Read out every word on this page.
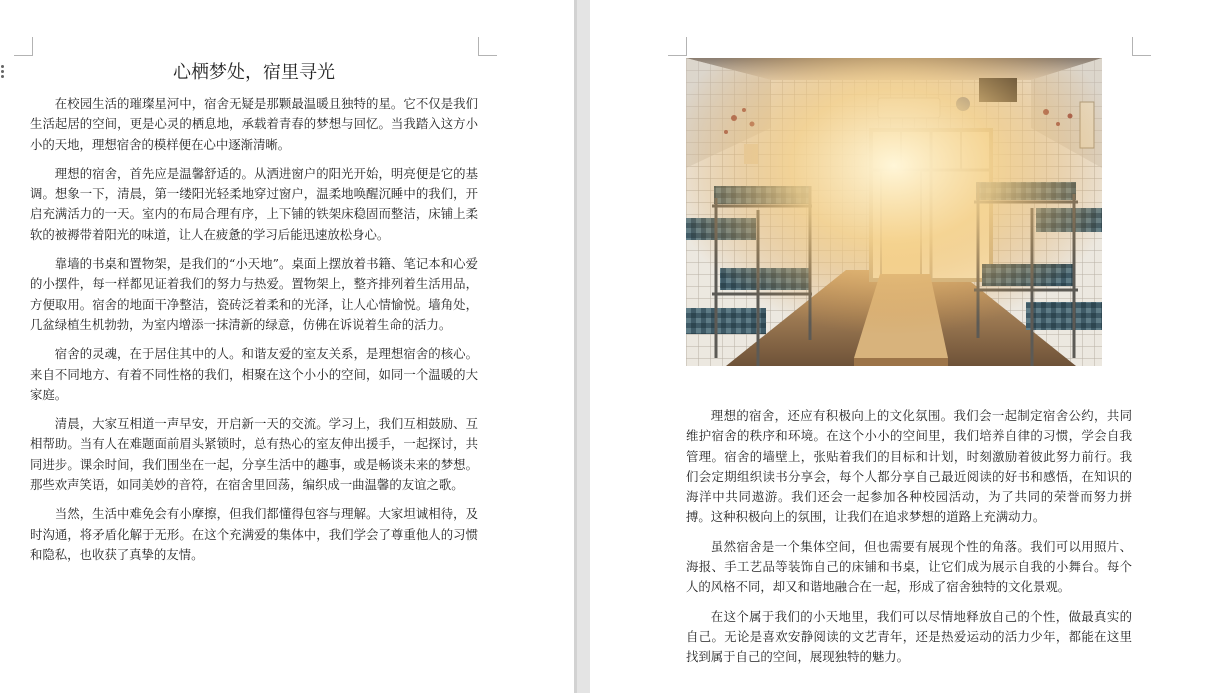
心栖梦处，宿里寻光

在校园生活的璀璨星河中，宿舍无疑是那颗最温暖且独特的星。它不仅是我们生活起居的空间，更是心灵的栖息地，承载着青春的梦想与回忆。当我踏入这方小小的天地，理想宿舍的模样便在心中逐渐清晰。

理想的宿舍，首先应是温馨舒适的。从洒进窗户的阳光开始，明亮便是它的基调。想象一下，清晨，第一缕阳光轻柔地穿过窗户，温柔地唤醒沉睡中的我们，开启充满活力的一天。室内的布局合理有序，上下铺的铁架床稳固而整洁，床铺上柔软的被褥带着阳光的味道，让人在疲惫的学习后能迅速放松身心。

靠墙的书桌和置物架，是我们的“小天地”。桌面上摆放着书籍、笔记本和心爱的小摆件，每一样都见证着我们的努力与热爱。置物架上，整齐排列着生活用品，方便取用。宿舍的地面干净整洁，瓷砖泛着柔和的光泽，让人心情愉悦。墙角处，几盆绿植生机勃勃，为室内增添一抹清新的绿意，仿佛在诉说着生命的活力。

宿舍的灵魂，在于居住其中的人。和谐友爱的室友关系，是理想宿舍的核心。来自不同地方、有着不同性格的我们，相聚在这个小小的空间，如同一个温暖的大家庭。

清晨，大家互相道一声早安，开启新一天的交流。学习上，我们互相鼓励、互相帮助。当有人在难题面前眉头紧锁时，总有热心的室友伸出援手，一起探讨，共同进步。课余时间，我们围坐在一起，分享生活中的趣事，或是畅谈未来的梦想。那些欢声笑语，如同美妙的音符，在宿舍里回荡，编织成一曲温馨的友谊之歌。

当然，生活中难免会有小摩擦，但我们都懂得包容与理解。大家坦诚相待，及时沟通，将矛盾化解于无形。在这个充满爱的集体中，我们学会了尊重他人的习惯和隐私，也收获了真挚的友情。

理想的宿舍，还应有积极向上的文化氛围。我们会一起制定宿舍公约，共同维护宿舍的秩序和环境。在这个小小的空间里，我们培养自律的习惯，学会自我管理。宿舍的墙壁上，张贴着我们的目标和计划，时刻激励着彼此努力前行。我们会定期组织读书分享会，每个人都分享自己最近阅读的好书和感悟，在知识的海洋中共同遨游。我们还会一起参加各种校园活动，为了共同的荣誉而努力拼搏。这种积极向上的氛围，让我们在追求梦想的道路上充满动力。

虽然宿舍是一个集体空间，但也需要有展现个性的角落。我们可以用照片、海报、手工艺品等装饰自己的床铺和书桌，让它们成为展示自我的小舞台。每个人的风格不同，却又和谐地融合在一起，形成了宿舍独特的文化景观。

在这个属于我们的小天地里，我们可以尽情地释放自己的个性，做最真实的自己。无论是喜欢安静阅读的文艺青年，还是热爱运动的活力少年，都能在这里找到属于自己的空间，展现独特的魅力。
